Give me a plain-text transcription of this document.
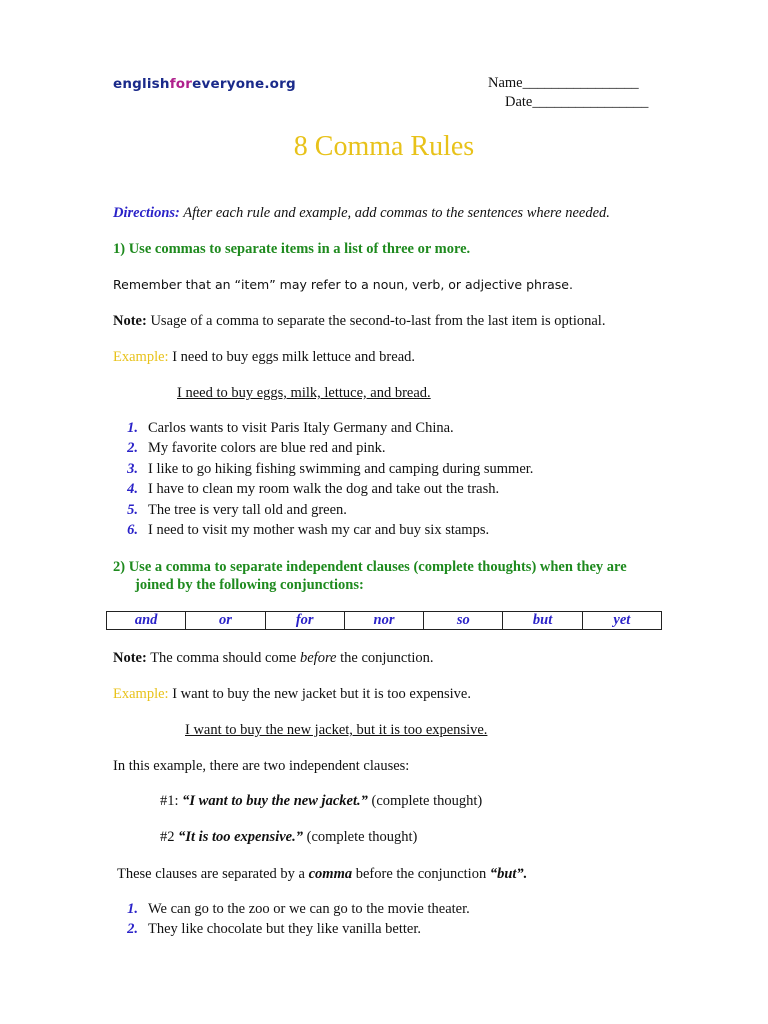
englishforeveryone.org	Name________________
Date________________
8 Comma Rules
Directions: After each rule and example, add commas to the sentences where needed.
1) Use commas to separate items in a list of three or more.
Remember that an “item” may refer to a noun, verb, or adjective phrase.
Note: Usage of a comma to separate the second-to-last from the last item is optional.
Example: I need to buy eggs milk lettuce and bread.
I need to buy eggs, milk, lettuce, and bread.
1. Carlos wants to visit Paris Italy Germany and China.
2. My favorite colors are blue red and pink.
3. I like to go hiking fishing swimming and camping during summer.
4. I have to clean my room walk the dog and take out the trash.
5. The tree is very tall old and green.
6. I need to visit my mother wash my car and buy six stamps.
2) Use a comma to separate independent clauses (complete thoughts) when they are
joined by the following conjunctions:
and	or	for	nor	so	but	yet
Note: The comma should come before the conjunction.
Example: I want to buy the new jacket but it is too expensive.
I want to buy the new jacket, but it is too expensive.
In this example, there are two independent clauses:
#1: “I want to buy the new jacket.” (complete thought)
#2 “It is too expensive.” (complete thought)
These clauses are separated by a comma before the conjunction “but”.
1. We can go to the zoo or we can go to the movie theater.
2. They like chocolate but they like vanilla better.
